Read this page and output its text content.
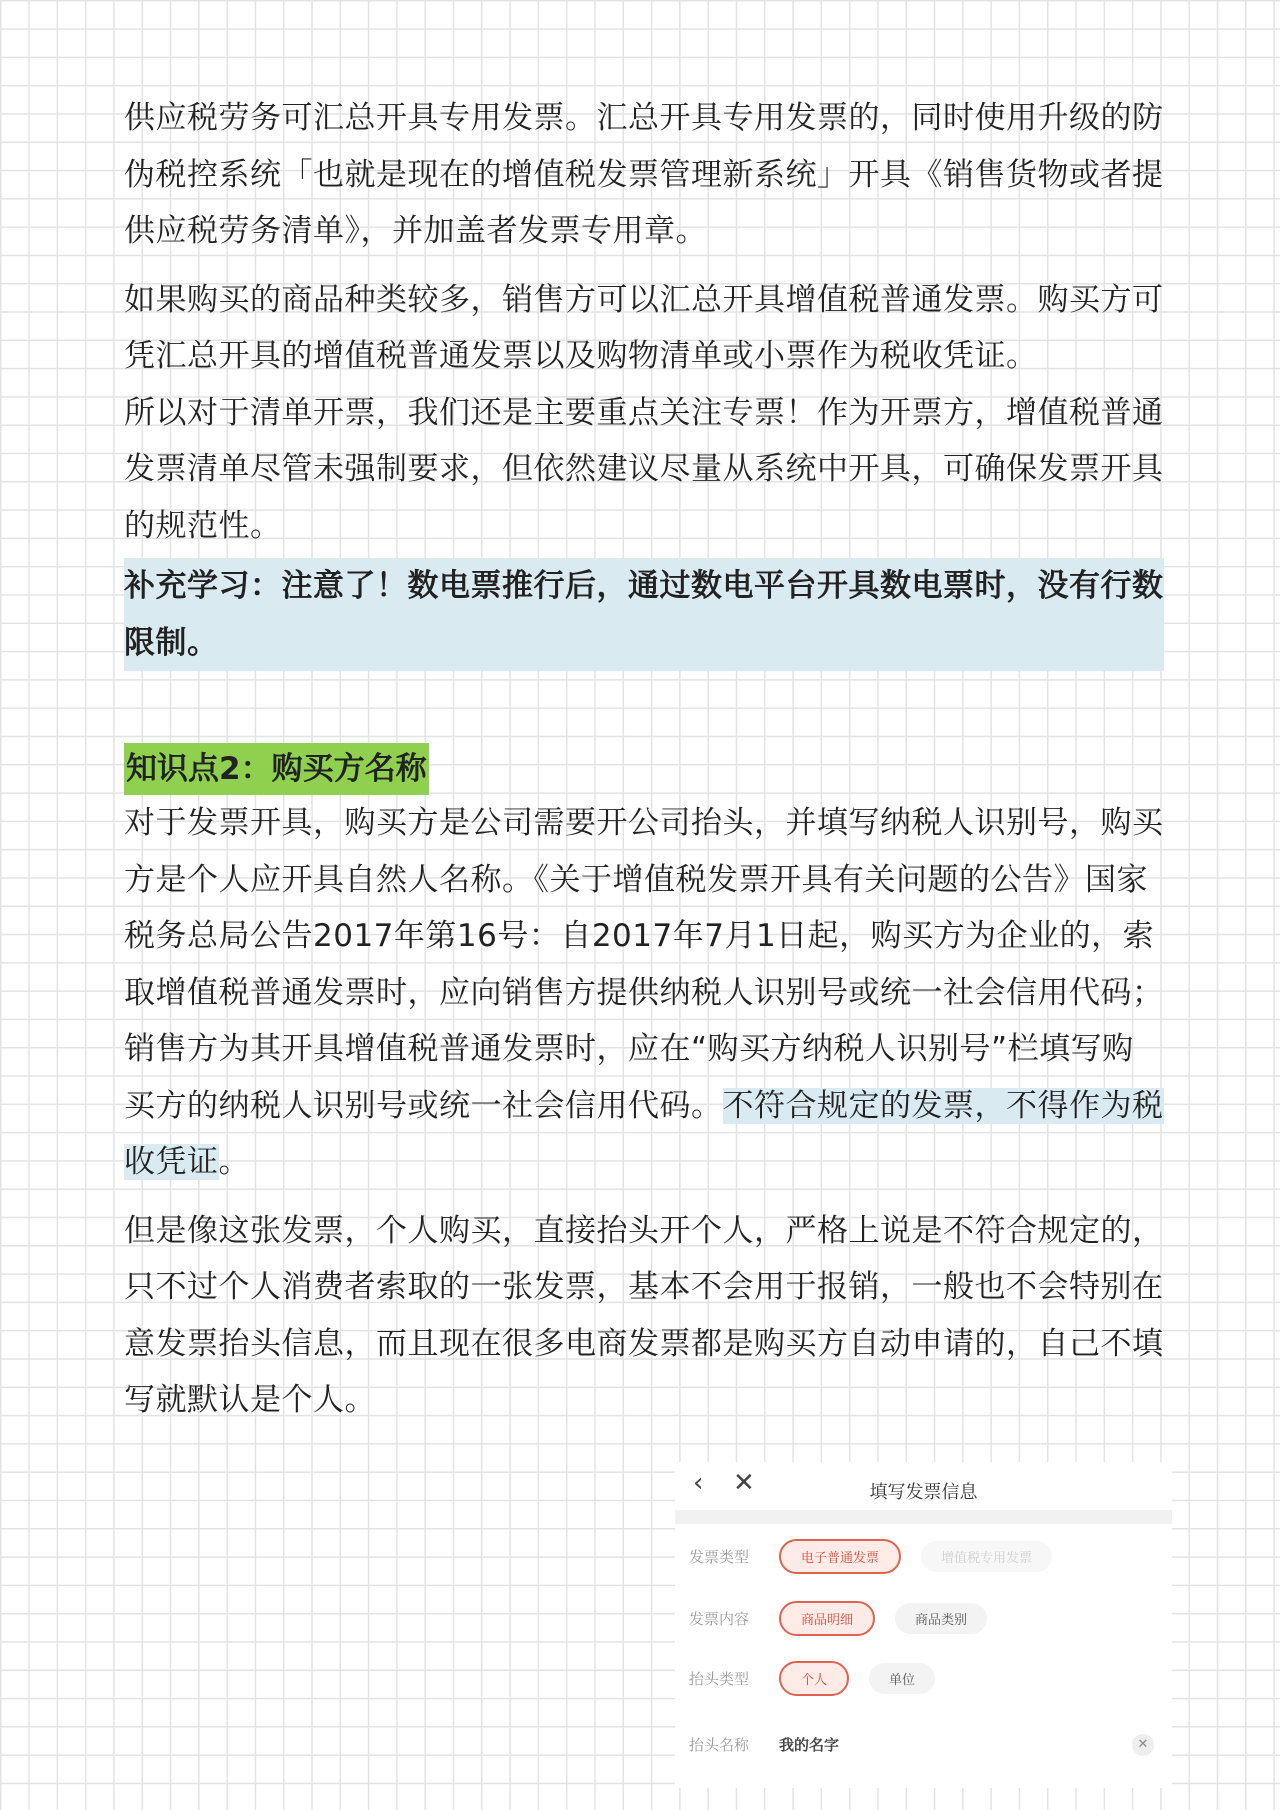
供应税劳务可汇总开具专用发票。汇总开具专用发票的，同时使用升级的防伪税控系统「也就是现在的增值税发票管理新系统」开具《销售货物或者提供应税劳务清单》，并加盖者发票专用章。

如果购买的商品种类较多，销售方可以汇总开具增值税普通发票。购买方可凭汇总开具的增值税普通发票以及购物清单或小票作为税收凭证。

所以对于清单开票，我们还是主要重点关注专票！作为开票方，增值税普通发票清单尽管未强制要求，但依然建议尽量从系统中开具，可确保发票开具的规范性。

补充学习：注意了！数电票推行后，通过数电平台开具数电票时，没有行数限制。

知识点2：购买方名称

对于发票开具，购买方是公司需要开公司抬头，并填写纳税人识别号，购买方是个人应开具自然人名称。《关于增值税发票开具有关问题的公告》国家税务总局公告2017年第16号：自2017年7月1日起，购买方为企业的，索取增值税普通发票时，应向销售方提供纳税人识别号或统一社会信用代码；销售方为其开具增值税普通发票时，应在“购买方纳税人识别号”栏填写购买方的纳税人识别号或统一社会信用代码。不符合规定的发票，不得作为税收凭证。

但是像这张发票，个人购买，直接抬头开个人，严格上说是不符合规定的，只不过个人消费者索取的一张发票，基本不会用于报销，一般也不会特别在意发票抬头信息，而且现在很多电商发票都是购买方自动申请的，自己不填写就默认是个人。

‹ ✕	填写发票信息
发票类型	电子普通发票	增值税专用发票
发票内容	商品明细	商品类别
抬头类型	个人	单位
抬头名称	我的名字	✕
